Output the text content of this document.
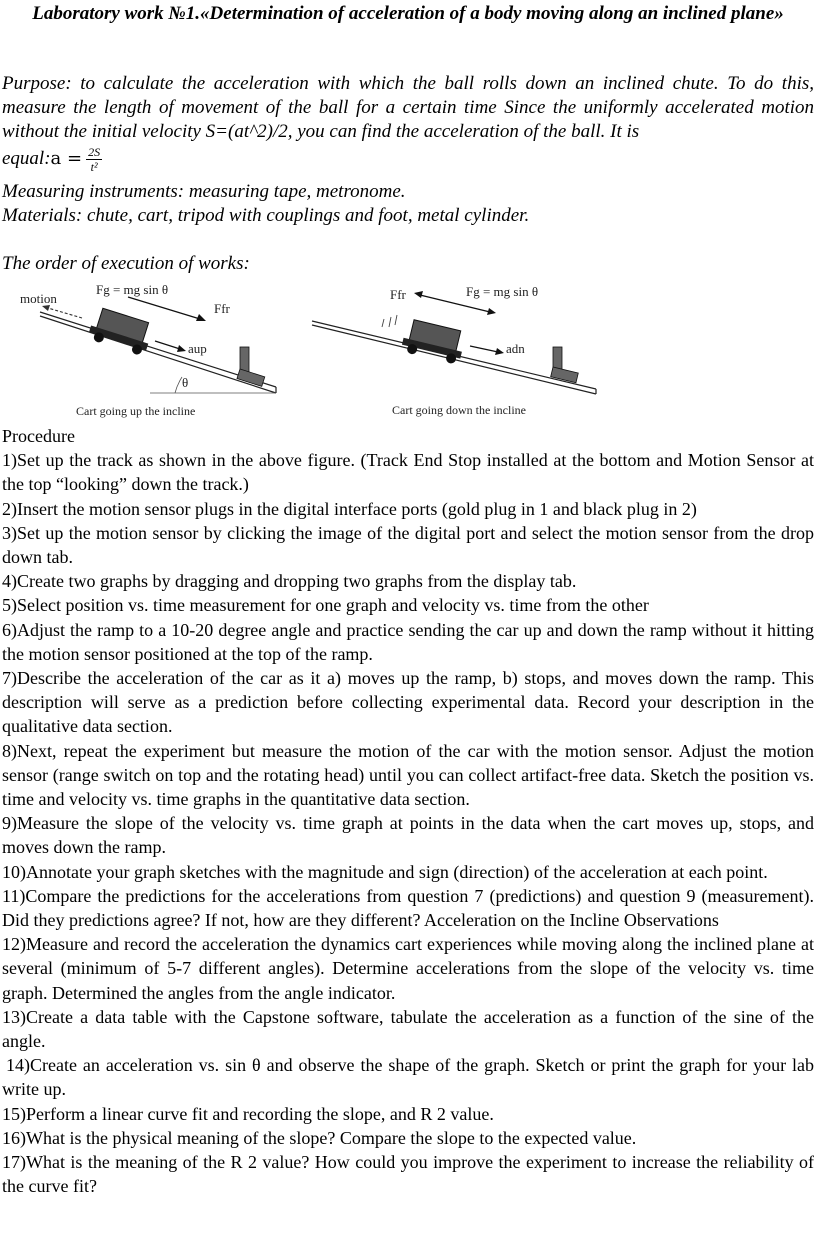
Laboratory work №1.«Determination of acceleration of a body moving along an inclined plane»

Purpose: to calculate the acceleration with which the ball rolls down an inclined chute. To do this, measure the length of movement of the ball for a certain time Since the uniformly accelerated motion without the initial velocity S=(at^2)/2, you can find the acceleration of the ball. It is

equal:a = $\frac{2S}{\text{t²}}$

Measuring instruments: measuring tape, metronome.

Materials: chute, cart, tripod with couplings and foot, metal cylinder.

The order of execution of works:

motion
Fg = mg sin θ
Ffr
aup
θ
Cart going up the incline
Ffr	Fg = mg sin θ
adn
Cart going down the incline

Procedure

1)Set up the track as shown in the above figure. (Track End Stop installed at the bottom and Motion Sensor at the top “looking” down the track.)

2)Insert the motion sensor plugs in the digital interface ports (gold plug in 1 and black plug in 2)

3)Set up the motion sensor by clicking the image of the digital port and select the motion sensor from the drop down tab.

4)Create two graphs by dragging and dropping two graphs from the display tab.

5)Select position vs. time measurement for one graph and velocity vs. time from the other

6)Adjust the ramp to a 10-20 degree angle and practice sending the car up and down the ramp without it hitting the motion sensor positioned at the top of the ramp.

7)Describe the acceleration of the car as it a) moves up the ramp, b) stops, and moves down the ramp. This description will serve as a prediction before collecting experimental data. Record your description in the qualitative data section.

8)Next, repeat the experiment but measure the motion of the car with the motion sensor. Adjust the motion sensor (range switch on top and the rotating head) until you can collect artifact-free data. Sketch the position vs. time and velocity vs. time graphs in the quantitative data section.

9)Measure the slope of the velocity vs. time graph at points in the data when the cart moves up, stops, and moves down the ramp.

10)Annotate your graph sketches with the magnitude and sign (direction) of the acceleration at each point.

11)Compare the predictions for the accelerations from question 7 (predictions) and question 9 (measurement). Did they predictions agree? If not, how are they different? Acceleration on the Incline Observations

12)Measure and record the acceleration the dynamics cart experiences while moving along the inclined plane at several (minimum of 5-7 different angles). Determine accelerations from the slope of the velocity vs. time graph. Determined the angles from the angle indicator.

13)Create a data table with the Capstone software, tabulate the acceleration as a function of the sine of the angle.

14)Create an acceleration vs. sin θ and observe the shape of the graph. Sketch or print the graph for your lab write up.

15)Perform a linear curve fit and recording the slope, and R 2 value.

16)What is the physical meaning of the slope? Compare the slope to the expected value.

17)What is the meaning of the R 2 value? How could you improve the experiment to increase the reliability of the curve fit?
